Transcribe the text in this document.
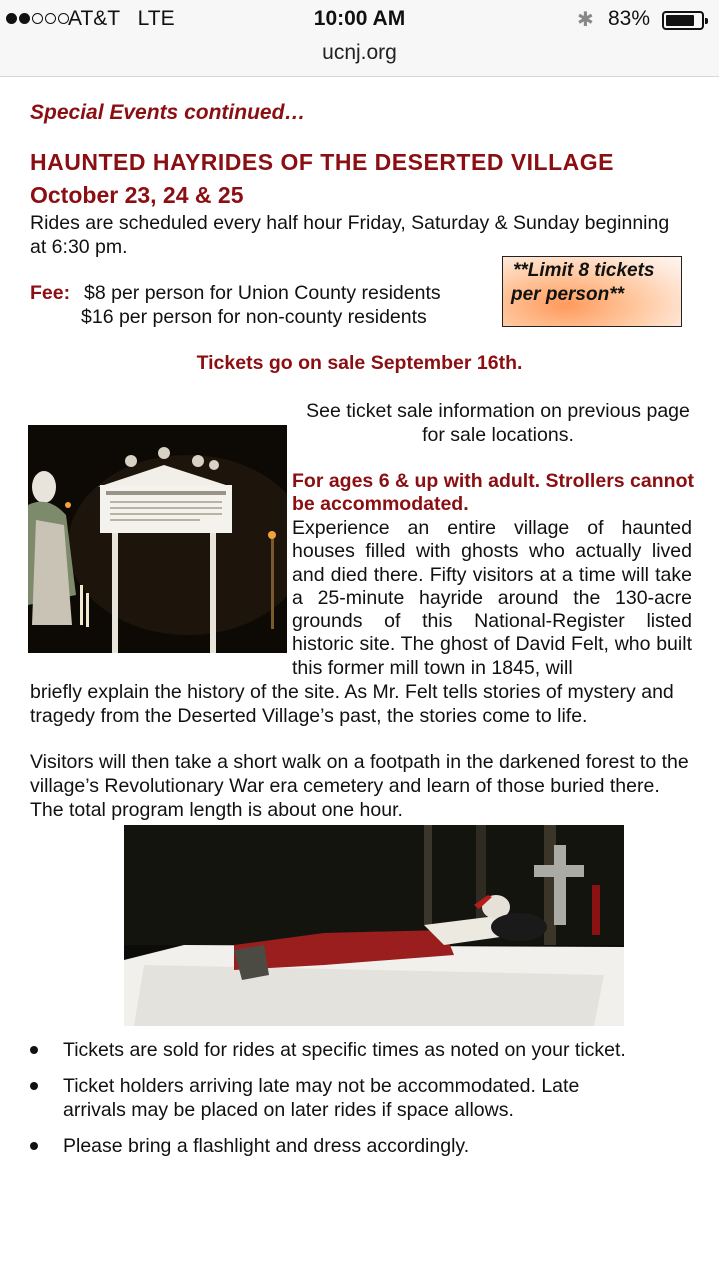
AT&T LTE	10:00 AM	✱ 83%
ucnj.org
Special Events continued…
HAUNTED HAYRIDES OF THE DESERTED VILLAGE
October 23, 24 & 25
Rides are scheduled every half hour Friday, Saturday & Sunday beginning at 6:30 pm.
Fee: $8 per person for Union County residents
$16 per person for non-county residents
**Limit 8 tickets
per person**
Tickets go on sale September 16th.
See ticket sale information on previous page for sale locations.
For ages 6 & up with adult. Strollers cannot be accommodated.
Experience an entire village of haunted houses filled with ghosts who actually lived and died there. Fifty visitors at a time will take a 25-minute hayride around the 130-acre grounds of this National-Register listed historic site. The ghost of David Felt, who built this former mill town in 1845, will
briefly explain the history of the site. As Mr. Felt tells stories of mystery and tragedy from the Deserted Village’s past, the stories come to life.
Visitors will then take a short walk on a footpath in the darkened forest to the village’s Revolutionary War era cemetery and learn of those buried there. The total program length is about one hour.
Tickets are sold for rides at specific times as noted on your ticket.
Ticket holders arriving late may not be accommodated. Late arrivals may be placed on later rides if space allows.
Please bring a flashlight and dress accordingly.
